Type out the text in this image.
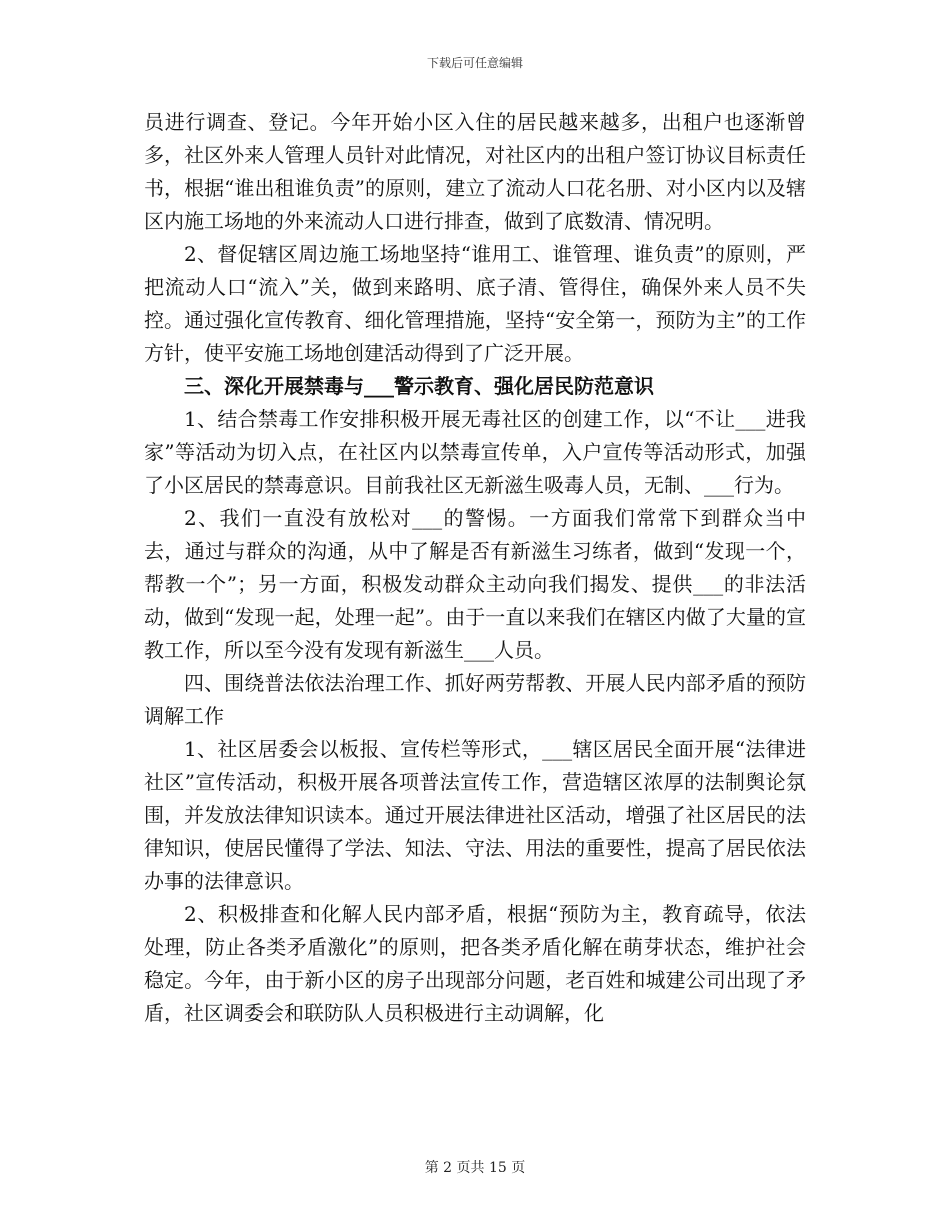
下载后可任意编辑

员进行调查、登记。今年开始小区入住的居民越来越多，出租户也逐渐曾多，社区外来人管理人员针对此情况，对社区内的出租户签订协议目标责任书，根据“谁出租谁负责”的原则，建立了流动人口花名册、对小区内以及辖区内施工场地的外来流动人口进行排查，做到了底数清、情况明。

2、督促辖区周边施工场地坚持“谁用工、谁管理、谁负责”的原则，严把流动人口“流入”关，做到来路明、底子清、管得住，确保外来人员不失控。通过强化宣传教育、细化管理措施，坚持“安全第一，预防为主”的工作方针，使平安施工场地创建活动得到了广泛开展。

三、深化开展禁毒与___警示教育、强化居民防范意识

1、结合禁毒工作安排积极开展无毒社区的创建工作，以“不让___进我家”等活动为切入点，在社区内以禁毒宣传单，入户宣传等活动形式，加强了小区居民的禁毒意识。目前我社区无新滋生吸毒人员，无制、___行为。

2、我们一直没有放松对___的警惕。一方面我们常常下到群众当中去，通过与群众的沟通，从中了解是否有新滋生习练者，做到“发现一个，帮教一个”；另一方面，积极发动群众主动向我们揭发、提供___的非法活动，做到“发现一起，处理一起”。由于一直以来我们在辖区内做了大量的宣教工作，所以至今没有发现有新滋生___人员。

四、围绕普法依法治理工作、抓好两劳帮教、开展人民内部矛盾的预防调解工作

1、社区居委会以板报、宣传栏等形式，___辖区居民全面开展“法律进社区”宣传活动，积极开展各项普法宣传工作，营造辖区浓厚的法制舆论氛围，并发放法律知识读本。通过开展法律进社区活动，增强了社区居民的法律知识，使居民懂得了学法、知法、守法、用法的重要性，提高了居民依法办事的法律意识。

2、积极排查和化解人民内部矛盾，根据“预防为主，教育疏导，依法处理，防止各类矛盾激化”的原则，把各类矛盾化解在萌芽状态，维护社会稳定。今年，由于新小区的房子出现部分问题，老百姓和城建公司出现了矛盾，社区调委会和联防队人员积极进行主动调解，化

第 2 页共 15 页
